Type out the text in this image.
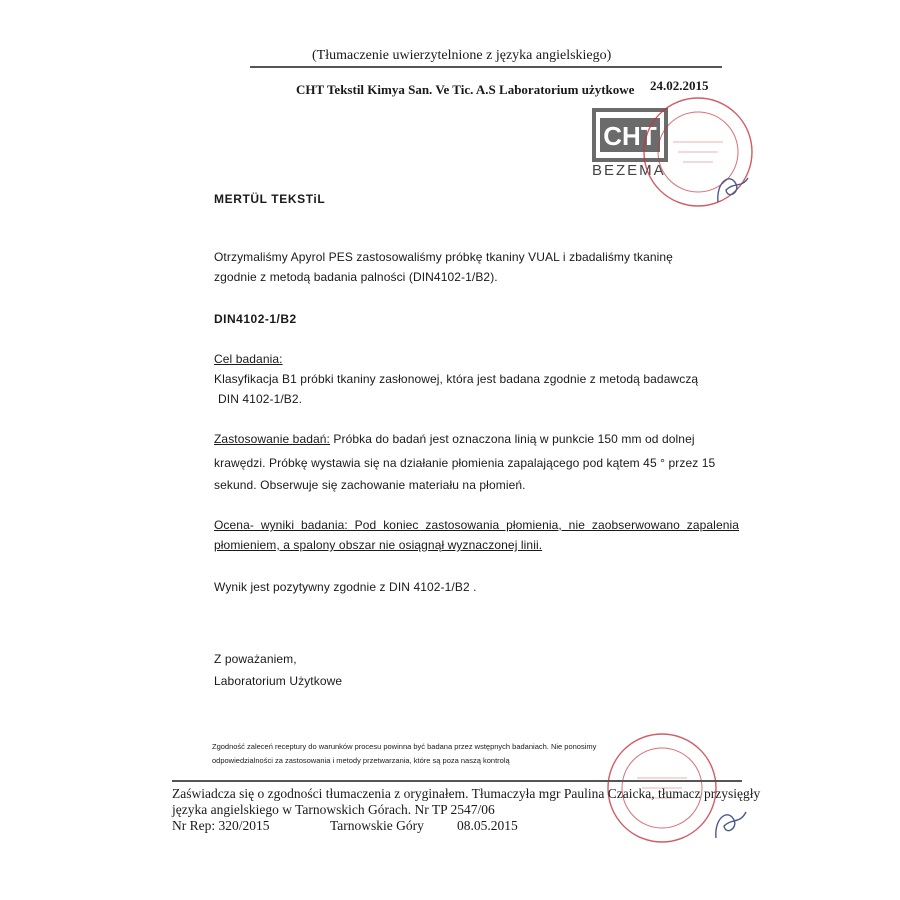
(Tłumaczenie uwierzytelnione z języka angielskiego)
CHT Tekstil Kimya San. Ve Tic. A.S Laboratorium użytkowe 24.02.2015
CHT
BEZEMA
MERTÜL TEKSTiL
Otrzymaliśmy Apyrol PES zastosowaliśmy próbkę tkaniny VUAL i zbadaliśmy tkaninę
zgodnie z metodą badania palności (DIN4102-1/B2).
DIN4102-1/B2
Cel badania:
Klasyfikacja B1 próbki tkaniny zasłonowej, która jest badana zgodnie z metodą badawczą
DIN 4102-1/B2.
Zastosowanie badań: Próbka do badań jest oznaczona linią w punkcie 150 mm od dolnej
krawędzi. Próbkę wystawia się na działanie płomienia zapalającego pod kątem 45 ° przez 15
sekund. Obserwuje się zachowanie materiału na płomień.
Ocena-  wyniki  badania:  Pod  koniec  zastosowania  płomienia,  nie  zaobserwowano  zapalenia
płomieniem, a spalony obszar nie osiągnął wyznaczonej linii.
Wynik jest pozytywny zgodnie z DIN 4102-1/B2 .
Z poważaniem,
Laboratorium Użytkowe
Zgodność zaleceń receptury do warunków procesu powinna być badana przez wstępnych badaniach. Nie ponosimy
odpowiedzialności za zastosowania i metody przetwarzania, które są poza naszą kontrolą
Zaświadcza się o zgodności tłumaczenia z oryginałem. Tłumaczyła mgr Paulina Czaicka, tłumacz przysięgły
języka angielskiego w Tarnowskich Górach. Nr TP 2547/06
Nr Rep: 320/2015	Tarnowskie Góry 08.05.2015
